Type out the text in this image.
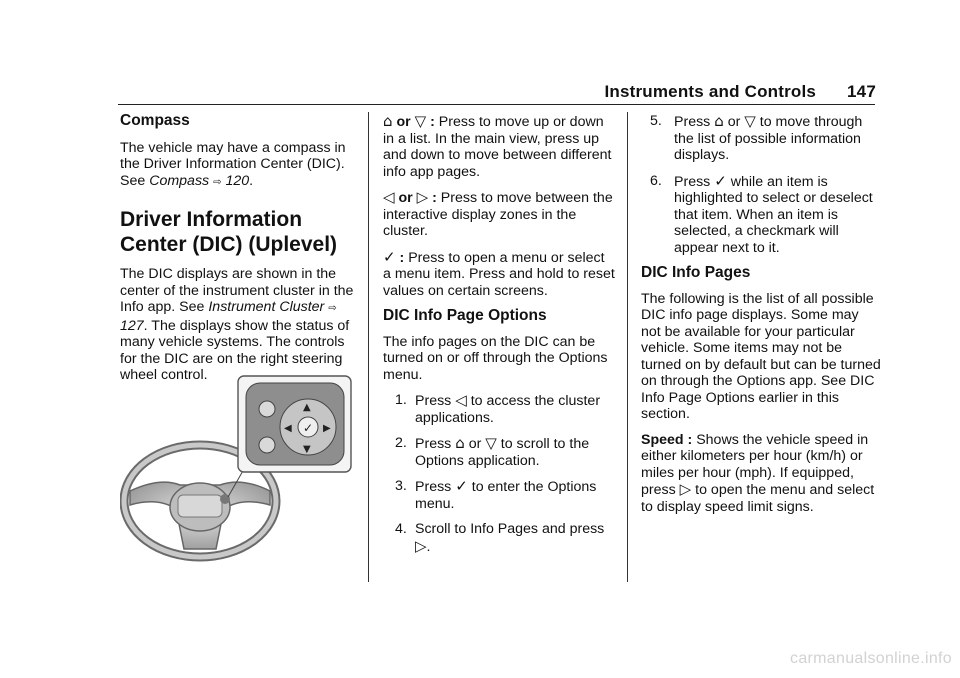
Instruments and Controls 147
Compass

The vehicle may have a compass in the Driver Information Center (DIC). See Compass ⇨ 120.

Driver Information Center (DIC) (Uplevel)

The DIC displays are shown in the center of the instrument cluster in the Info app. See Instrument Cluster ⇨ 127. The displays show the status of many vehicle systems. The controls for the DIC are on the right steering wheel control.

✓
▲
▼
◀	▶

⌂ or ▽ : Press to move up or down in a list. In the main view, press up and down to move between different info app pages.

◁ or ▷ : Press to move between the interactive display zones in the cluster.

✓ : Press to open a menu or select a menu item. Press and hold to reset values on certain screens.

DIC Info Page Options

The info pages on the DIC can be turned on or off through the Options menu.

1. Press ◁ to access the cluster applications.
2. Press ⌂ or ▽ to scroll to the Options application.
3. Press ✓ to enter the Options menu.
4. Scroll to Info Pages and press ▷.
5. Press ⌂ or ▽ to move through the list of possible information displays.
6. Press ✓ while an item is highlighted to select or deselect that item. When an item is selected, a checkmark will appear next to it.
DIC Info Pages

The following is the list of all possible DIC info page displays. Some may not be available for your particular vehicle. Some items may not be turned on by default but can be turned on through the Options app. See DIC Info Page Options earlier in this section.

Speed : Shows the vehicle speed in either kilometers per hour (km/h) or miles per hour (mph). If equipped, press ▷ to open the menu and select to display speed limit signs.

carmanualsonline.info
